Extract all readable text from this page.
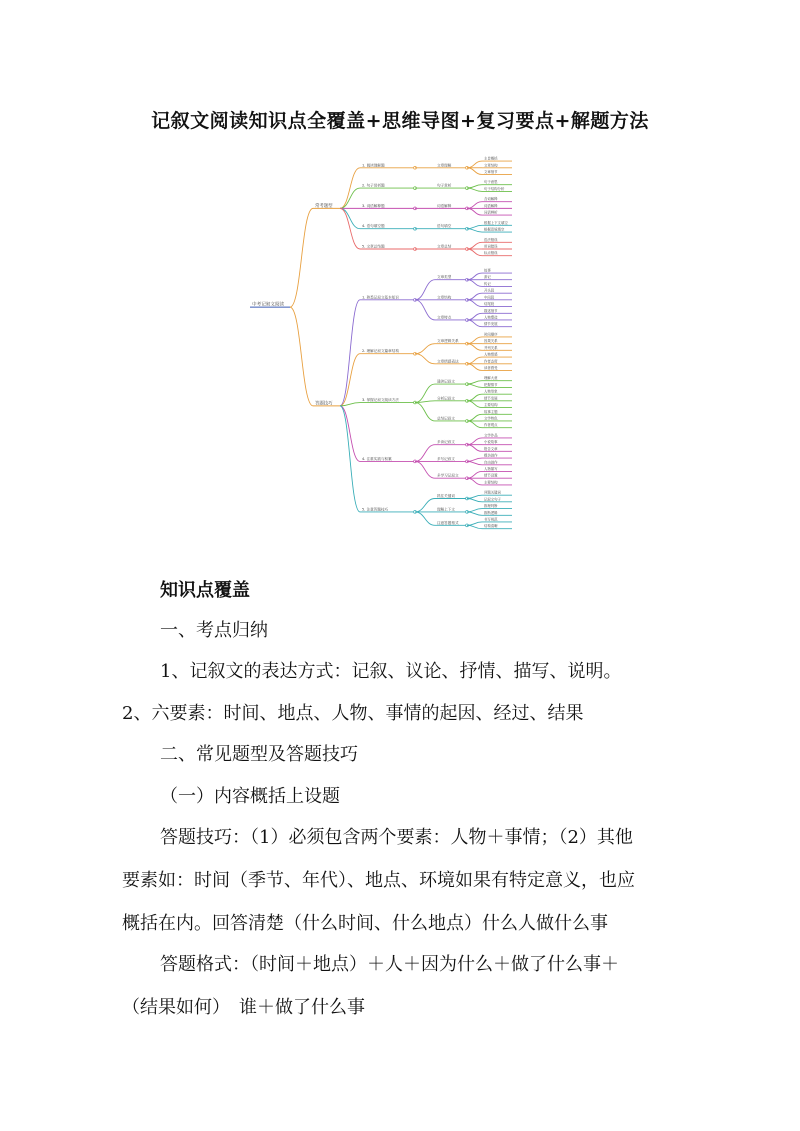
记叙文阅读知识点全覆盖+思维导图+复习要点+解题方法
中考记叙文阅读
常考题型
1. 阅读理解题	文章理解
主旨概括
文章结构
文章细节
2. 句子赏析题	句子赏析
句子意思
句子结构分析
3. 词语解释题	词语解释
含词解释
词语解释
词语辨析
4. 语句填空题	语句填空
根据上下文填空
根据语境填空
5. 文章总结题	文章总结
语法错误
用词错误
标点错误
答题技巧
1. 熟悉记叙文基本知识
文章类型
故事
游记
传记
文章结构
开头段
中间段
结尾段
文章特点
描述细节
人物塑造
情节发展
2. 理解记叙文篇章结构
文章逻辑关系
时间顺序
因果关系
并列关系
文章情感表达
人物情感
作者态度
读者感受
3. 掌握记叙文阅读方法
通读记叙文
理解大意
把握情节
分析记叙文
人物形象
情节发展
主要结构
总结记叙文
故事主题
文学特色
作者观点
4. 注重实践与积累
多读记叙文
文学作品
小说故事
报告文章
多写记叙文
模仿创作
自由创作
多学习记叙文
人物描写
情节设置
主要结构
5. 注意答题技巧
抓住关键词
问题关键词
记叙文句子
理解上下文
推理判断
推断逻辑
注意答题格式
书写规范
结构清晰
知识点覆盖
一、考点归纳
1、记叙文的表达方式：记叙、议论、抒情、描写、说明。
2、六要素：时间、地点、人物、事情的起因、经过、结果
二、常见题型及答题技巧
（一）内容概括上设题
答题技巧：（1）必须包含两个要素：人物＋事情；（2）其他
要素如：时间（季节、年代）、地点、环境如果有特定意义，也应
概括在内。回答清楚（什么时间、什么地点）什么人做什么事
答题格式：（时间＋地点）＋人＋因为什么＋做了什么事＋
（结果如何）　谁＋做了什么事
